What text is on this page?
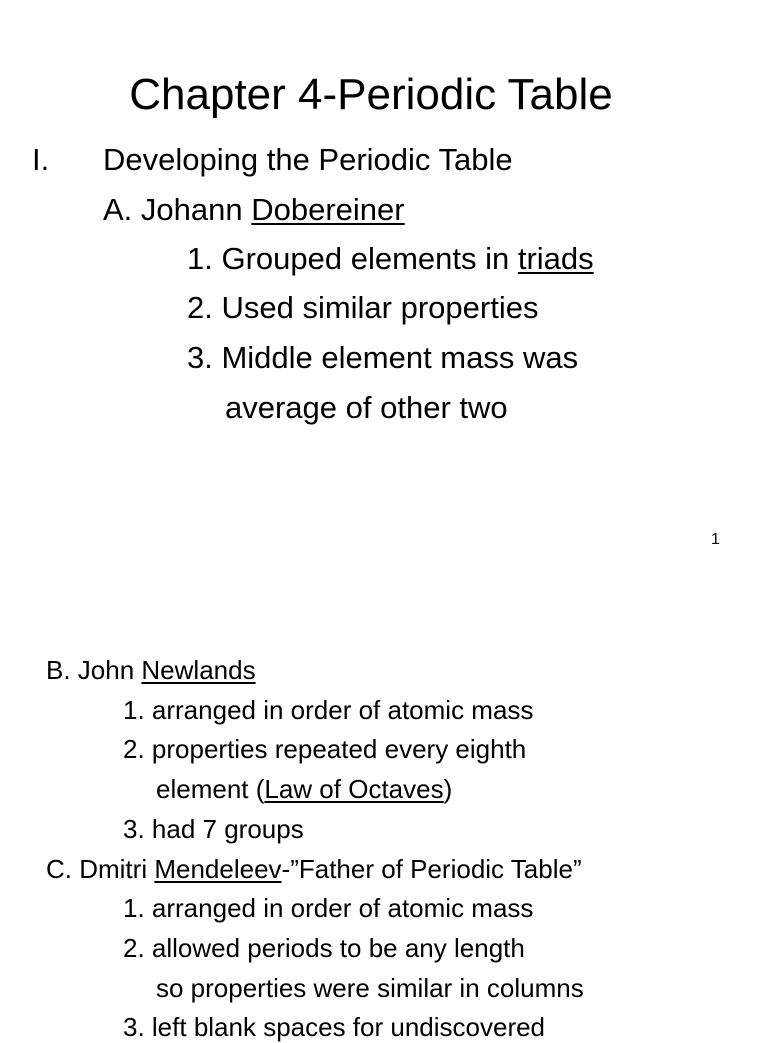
Chapter 4-Periodic Table
I. Developing the Periodic Table
A. Johann Dobereiner
1. Grouped elements in triads
2. Used similar properties
3. Middle element mass was
average of other two
1
B. John Newlands
1. arranged in order of atomic mass
2. properties repeated every eighth
element (Law of Octaves)
3. had 7 groups
C. Dmitri Mendeleev-”Father of Periodic Table”
1. arranged in order of atomic mass
2. allowed periods to be any length
so properties were similar in columns
3. left blank spaces for undiscovered
